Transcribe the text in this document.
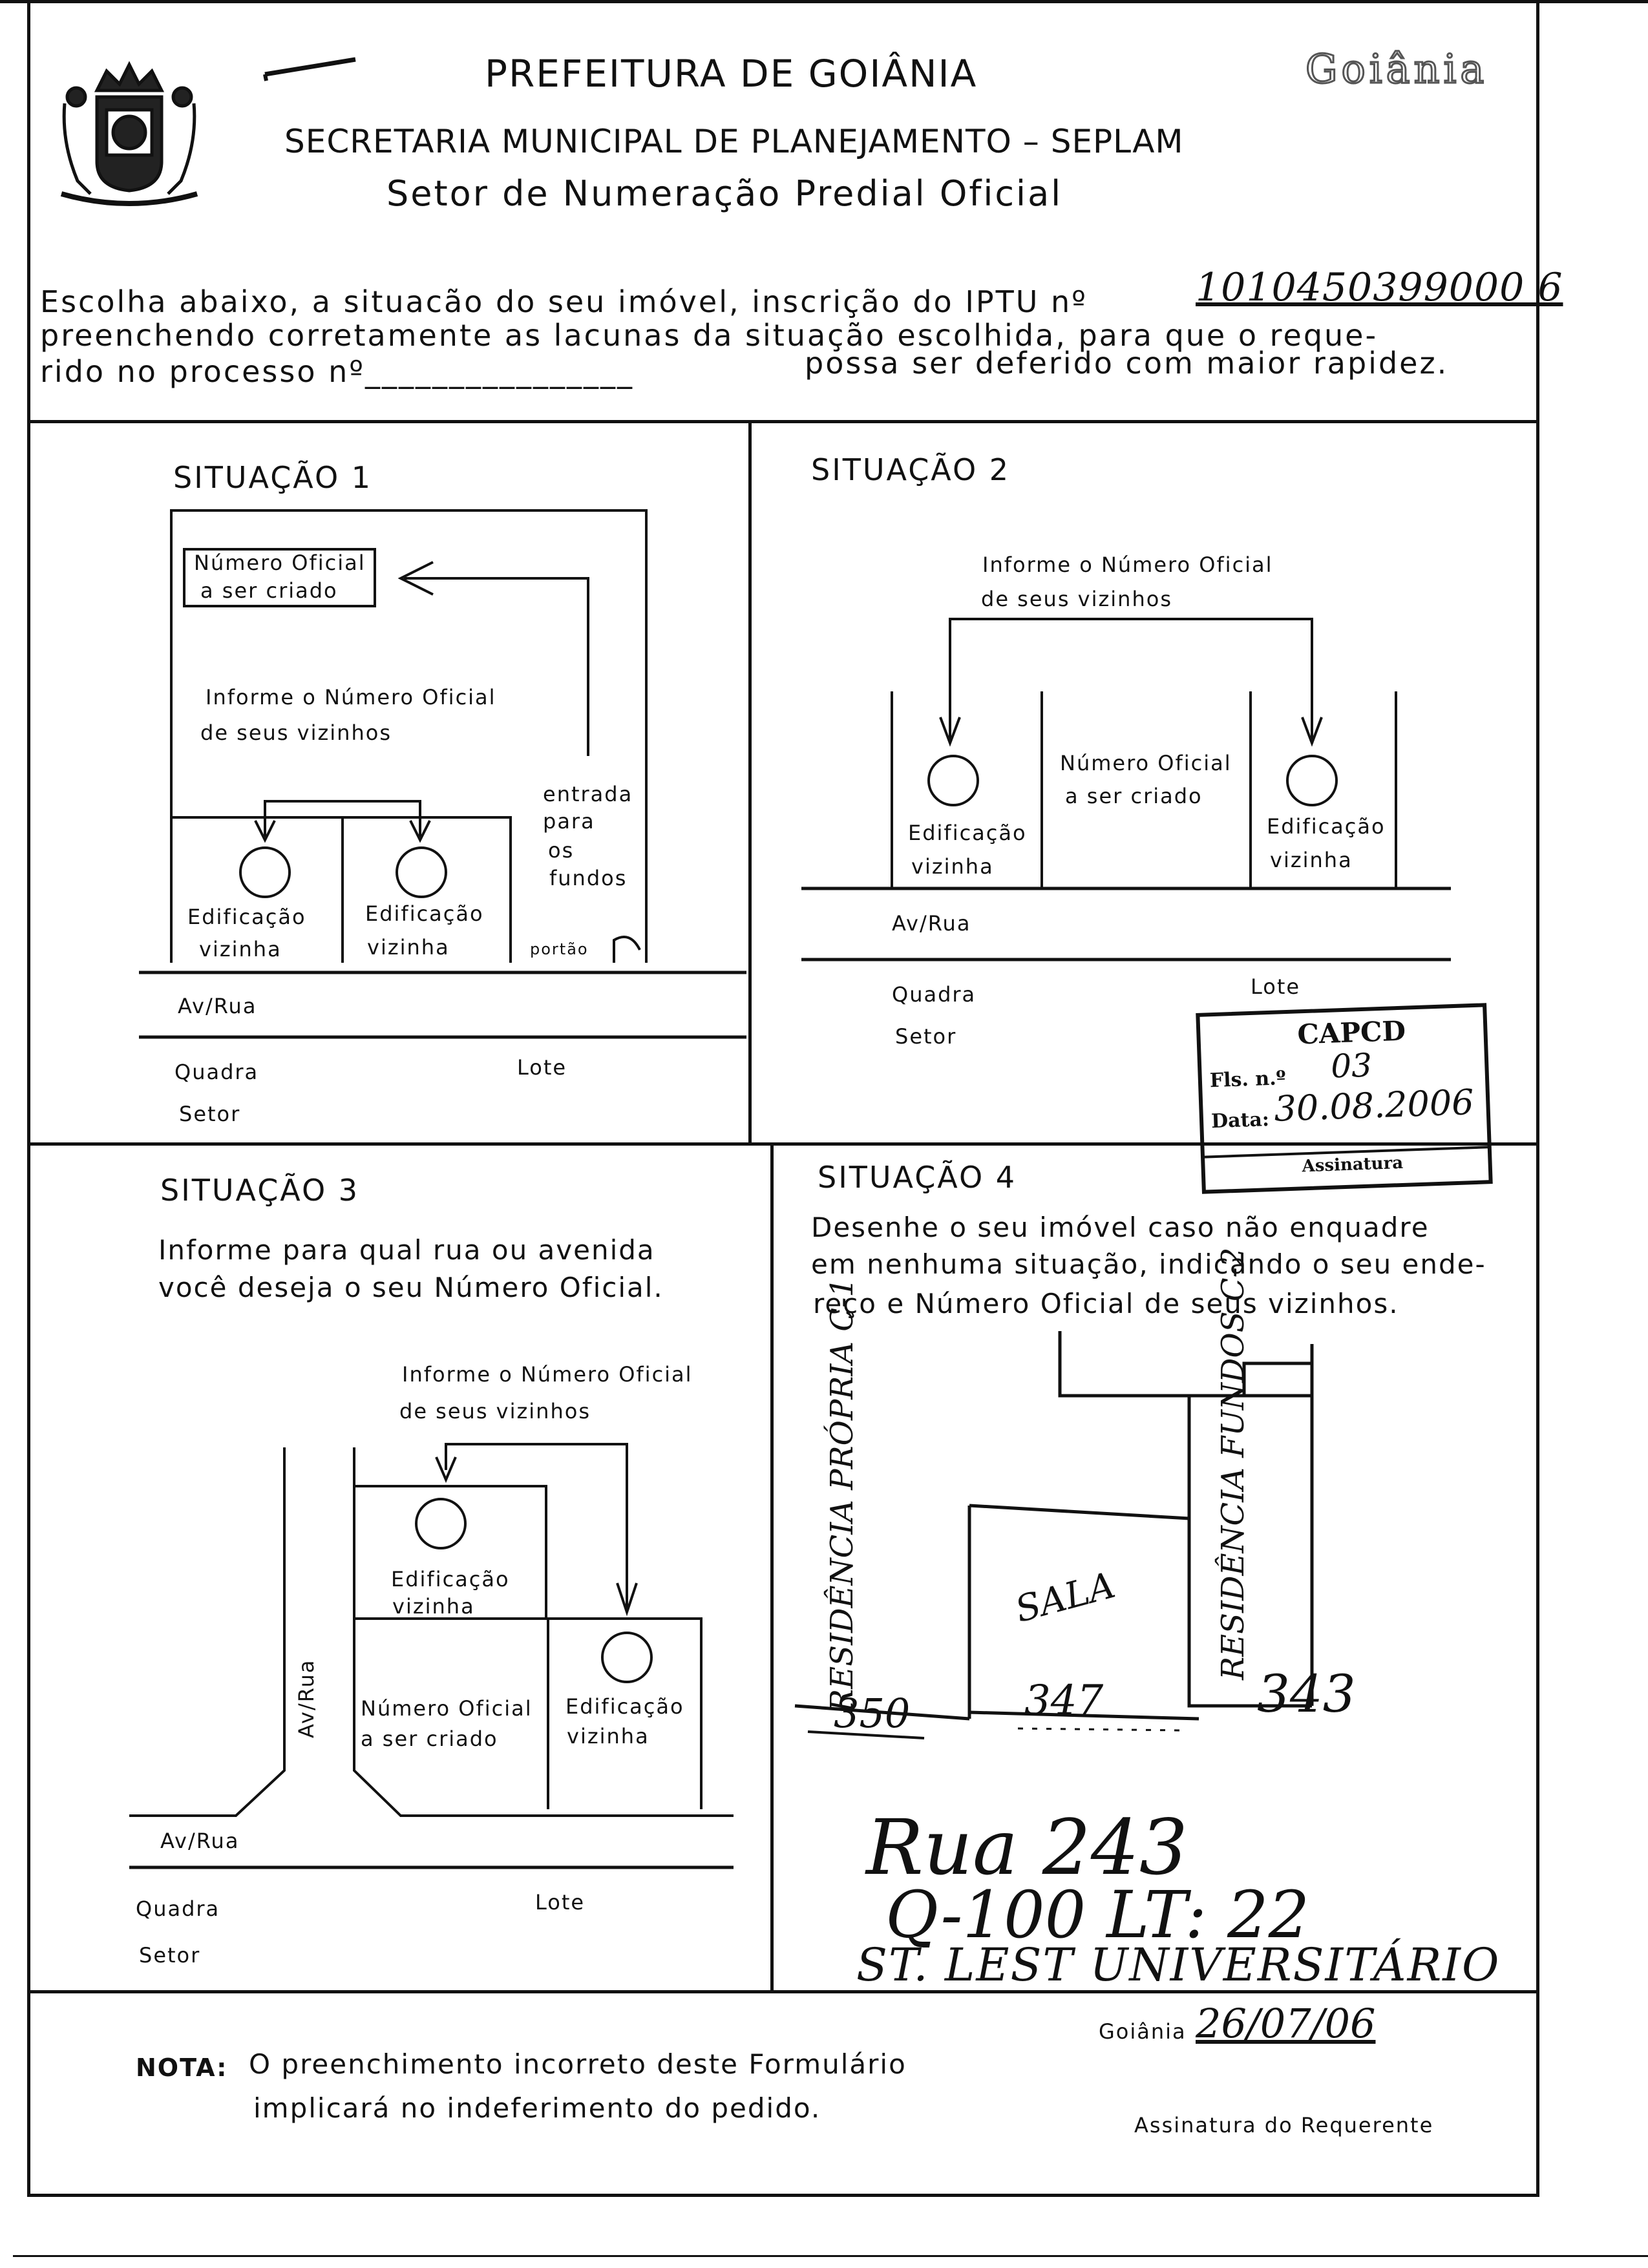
Goiânia
PREFEITURA DE GOIÂNIA
SECRETARIA MUNICIPAL DE PLANEJAMENTO – SEPLAM
Setor de Numeração Predial Oficial
Escolha abaixo, a situacão do seu imóvel, inscrição do IPTU nº	1010450399000 6
preenchendo corretamente as lacunas da situação escolhida, para que o reque-
rido no processo nº________________	possa ser deferido com maior rapidez.
SITUAÇÃO 1
Número Oficial
a ser criado
Informe o Número Oficial
de seus vizinhos
entrada
para
os
fundos
portão
Edificação
vizinha
Edificação
vizinha
Av/Rua
Quadra	Lote
Setor
SITUAÇÃO 2
Informe o Número Oficial
de seus vizinhos
Número Oficial
a ser criado
Edificação
vizinha
Edificação
vizinha
Av/Rua
Quadra	Lote
Setor	CAPCD
Fls. n.º 03
Data: 30.08.2006
Assinatura
SITUAÇÃO 3
Informe para qual rua ou avenida
você deseja o seu Número Oficial.
Informe o Número Oficial
de seus vizinhos
Edificação
vizinha
Número Oficial
a ser criado
Edificação
vizinha
Av/Rua
Av/Rua
Quadra	Lote
Setor
SITUAÇÃO 4
Desenhe o seu imóvel caso não enquadre
em nenhuma situação, indicando o seu ende-
reço e Número Oficial de seus vizinhos.
RESIDÊNCIA PRÓPRIA C-1	SALA	RESIDÊNCIA FUNDOS C-2
350	347	343
Rua 243
Q-100 LT: 22
ST. LEST UNIVERSITÁRIO
NOTA: O preenchimento incorreto deste Formulário
implicará no indeferimento do pedido.
Goiânia 26/07/06
Assinatura do Requerente
